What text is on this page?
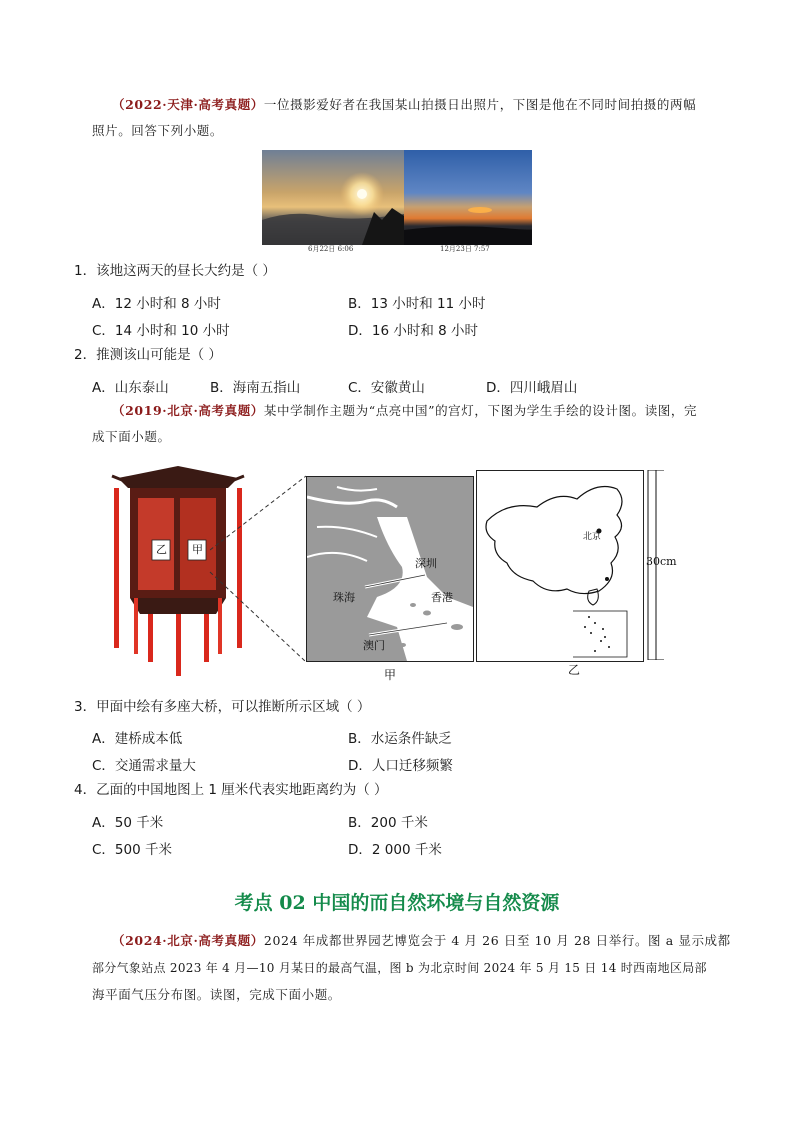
（2022·天津·高考真题）一位摄影爱好者在我国某山拍摄日出照片，下图是他在不同时间拍摄的两幅
照片。回答下列小题。
6月22日 6:06	12月23日 7:57
1．该地这两天的昼长大约是（ ）
A．12 小时和 8 小时	B．13 小时和 11 小时
C．14 小时和 10 小时	D．16 小时和 8 小时
2．推测该山可能是（ ）
A．山东泰山	B．海南五指山	C．安徽黄山	D．四川峨眉山
（2019·北京·高考真题）某中学制作主题为“点亮中国”的宫灯，下图为学生手绘的设计图。读图，完
成下面小题。
乙 甲
深圳
珠海	香港
澳门
北京
30cm
甲	乙
3．甲面中绘有多座大桥，可以推断所示区域（ ）
A．建桥成本低	B．水运条件缺乏
C．交通需求量大	D．人口迁移频繁
4．乙面的中国地图上 1 厘米代表实地距离约为（ ）
A．50 千米	B．200 千米
C．500 千米	D．2 000 千米
考点 02 中国的而自然环境与自然资源
（2024·北京·高考真题）2024 年成都世界园艺博览会于 4 月 26 日至 10 月 28 日举行。图 a 显示成都
部分气象站点 2023 年 4 月—10 月某日的最高气温，图 b 为北京时间 2024 年 5 月 15 日 14 时西南地区局部
海平面气压分布图。读图，完成下面小题。
